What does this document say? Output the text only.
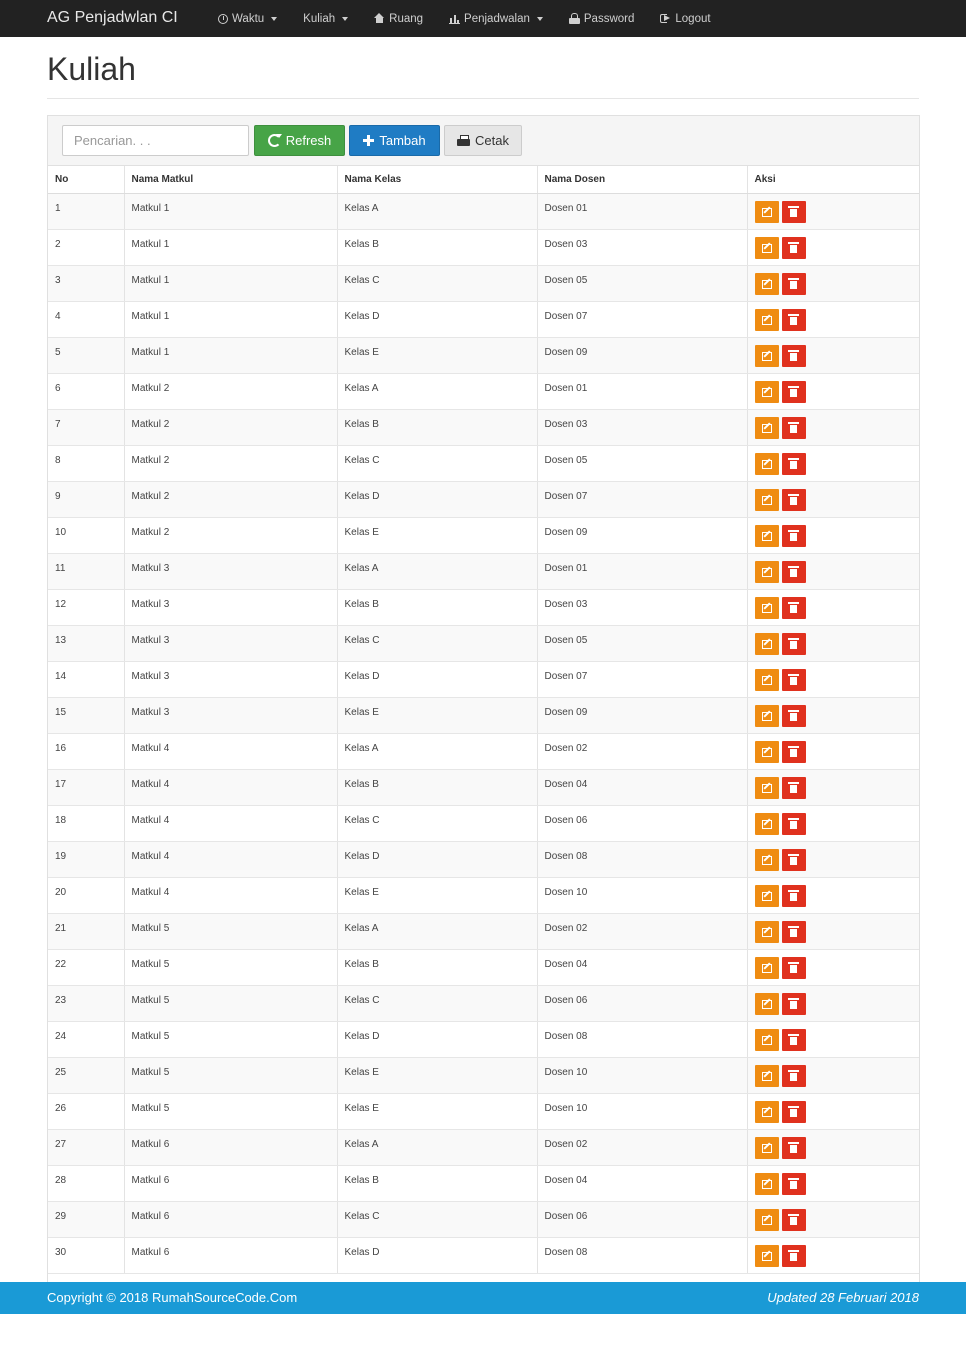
AG Penjadwlan CI	Waktu	Kuliah	Ruang	Penjadwalan	Password	Logout
Kuliah
Pencarian. . .
Refresh	Tambah	Cetak
No	Nama Matkul	Nama Kelas	Nama Dosen	Aksi
1	Matkul 1	Kelas A	Dosen 01	

2	Matkul 1	Kelas B	Dosen 03	

3	Matkul 1	Kelas C	Dosen 05	

4	Matkul 1	Kelas D	Dosen 07	

5	Matkul 1	Kelas E	Dosen 09	

6	Matkul 2	Kelas A	Dosen 01	

7	Matkul 2	Kelas B	Dosen 03	

8	Matkul 2	Kelas C	Dosen 05	

9	Matkul 2	Kelas D	Dosen 07	

10	Matkul 2	Kelas E	Dosen 09	

11	Matkul 3	Kelas A	Dosen 01	

12	Matkul 3	Kelas B	Dosen 03	

13	Matkul 3	Kelas C	Dosen 05	

14	Matkul 3	Kelas D	Dosen 07	

15	Matkul 3	Kelas E	Dosen 09	

16	Matkul 4	Kelas A	Dosen 02	

17	Matkul 4	Kelas B	Dosen 04	

18	Matkul 4	Kelas C	Dosen 06	

19	Matkul 4	Kelas D	Dosen 08	

20	Matkul 4	Kelas E	Dosen 10	

21	Matkul 5	Kelas A	Dosen 02	

22	Matkul 5	Kelas B	Dosen 04	

23	Matkul 5	Kelas C	Dosen 06	

24	Matkul 5	Kelas D	Dosen 08	

25	Matkul 5	Kelas E	Dosen 10	

26	Matkul 5	Kelas E	Dosen 10	

27	Matkul 6	Kelas A	Dosen 02	

28	Matkul 6	Kelas B	Dosen 04	

29	Matkul 6	Kelas C	Dosen 06	

30	Matkul 6	Kelas D	Dosen 08	
Copyright © 2018 RumahSourceCode.Com	Updated 28 Februari 2018
